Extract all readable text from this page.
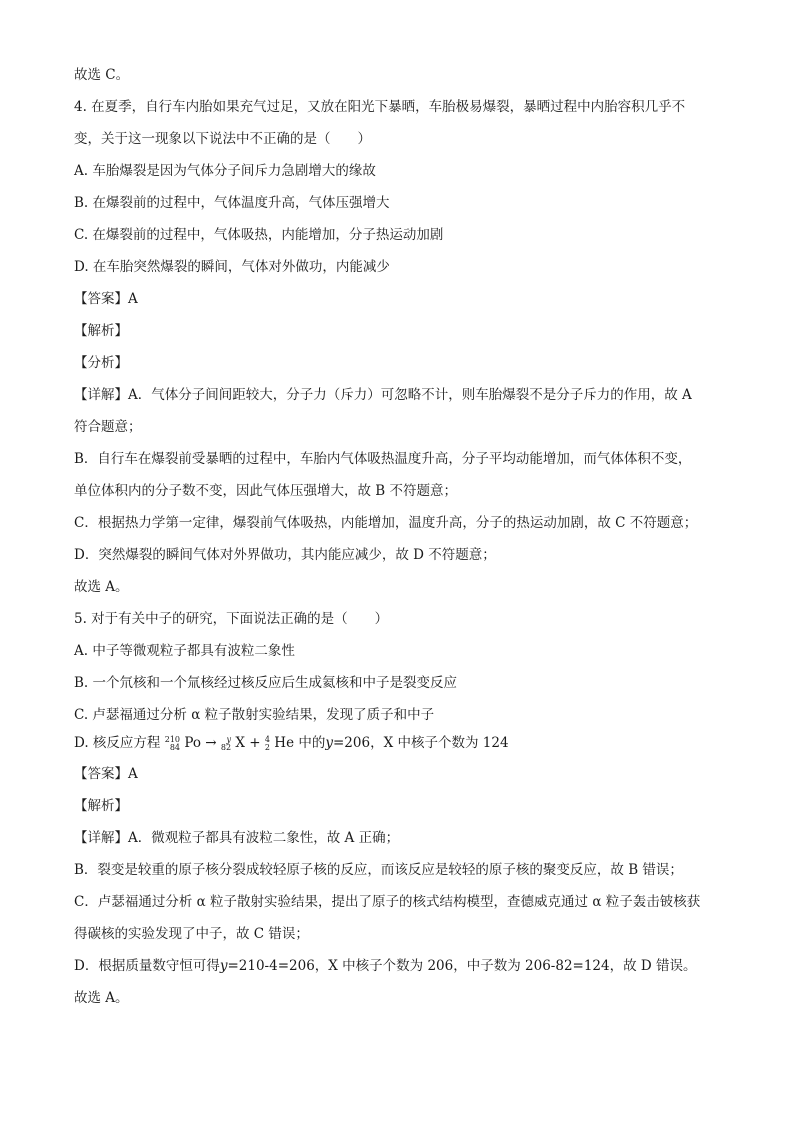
故选 C。
4. 在夏季，自行车内胎如果充气过足，又放在阳光下暴晒，车胎极易爆裂，暴晒过程中内胎容积几乎不
变，关于这一现象以下说法中不正确的是（　　）
A. 车胎爆裂是因为气体分子间斥力急剧增大的缘故
B. 在爆裂前的过程中，气体温度升高，气体压强增大
C. 在爆裂前的过程中，气体吸热，内能增加，分子热运动加剧
D. 在车胎突然爆裂的瞬间，气体对外做功，内能减少
【答案】A
【解析】
【分析】
【详解】A．气体分子间间距较大，分子力（斥力）可忽略不计，则车胎爆裂不是分子斥力的作用，故 A
符合题意；
B．自行车在爆裂前受暴晒的过程中，车胎内气体吸热温度升高，分子平均动能增加，而气体体积不变，
单位体积内的分子数不变，因此气体压强增大，故 B 不符题意；
C．根据热力学第一定律，爆裂前气体吸热，内能增加，温度升高，分子的热运动加剧，故 C 不符题意；
D．突然爆裂的瞬间气体对外界做功，其内能应减少，故 D 不符题意；
故选 A。
5. 对于有关中子的研究，下面说法正确的是（　　）
A. 中子等微观粒子都具有波粒二象性
B. 一个氘核和一个氚核经过核反应后生成氦核和中子是裂变反应
C. 卢瑟福通过分析 α 粒子散射实验结果，发现了质子和中子
D. 核反应方程 210
84 Po →	y
82 X + 4
2 He 中的y=206，X 中核子个数为 124
【答案】A
【解析】
【详解】A．微观粒子都具有波粒二象性，故 A 正确；
B．裂变是较重的原子核分裂成较轻原子核的反应，而该反应是较轻的原子核的聚变反应，故 B 错误；
C．卢瑟福通过分析 α 粒子散射实验结果，提出了原子的核式结构模型，查德威克通过 α 粒子轰击铍核获
得碳核的实验发现了中子，故 C 错误；
D．根据质量数守恒可得y=210-4=206，X 中核子个数为 206，中子数为 206-82=124，故 D 错误。
故选 A。
